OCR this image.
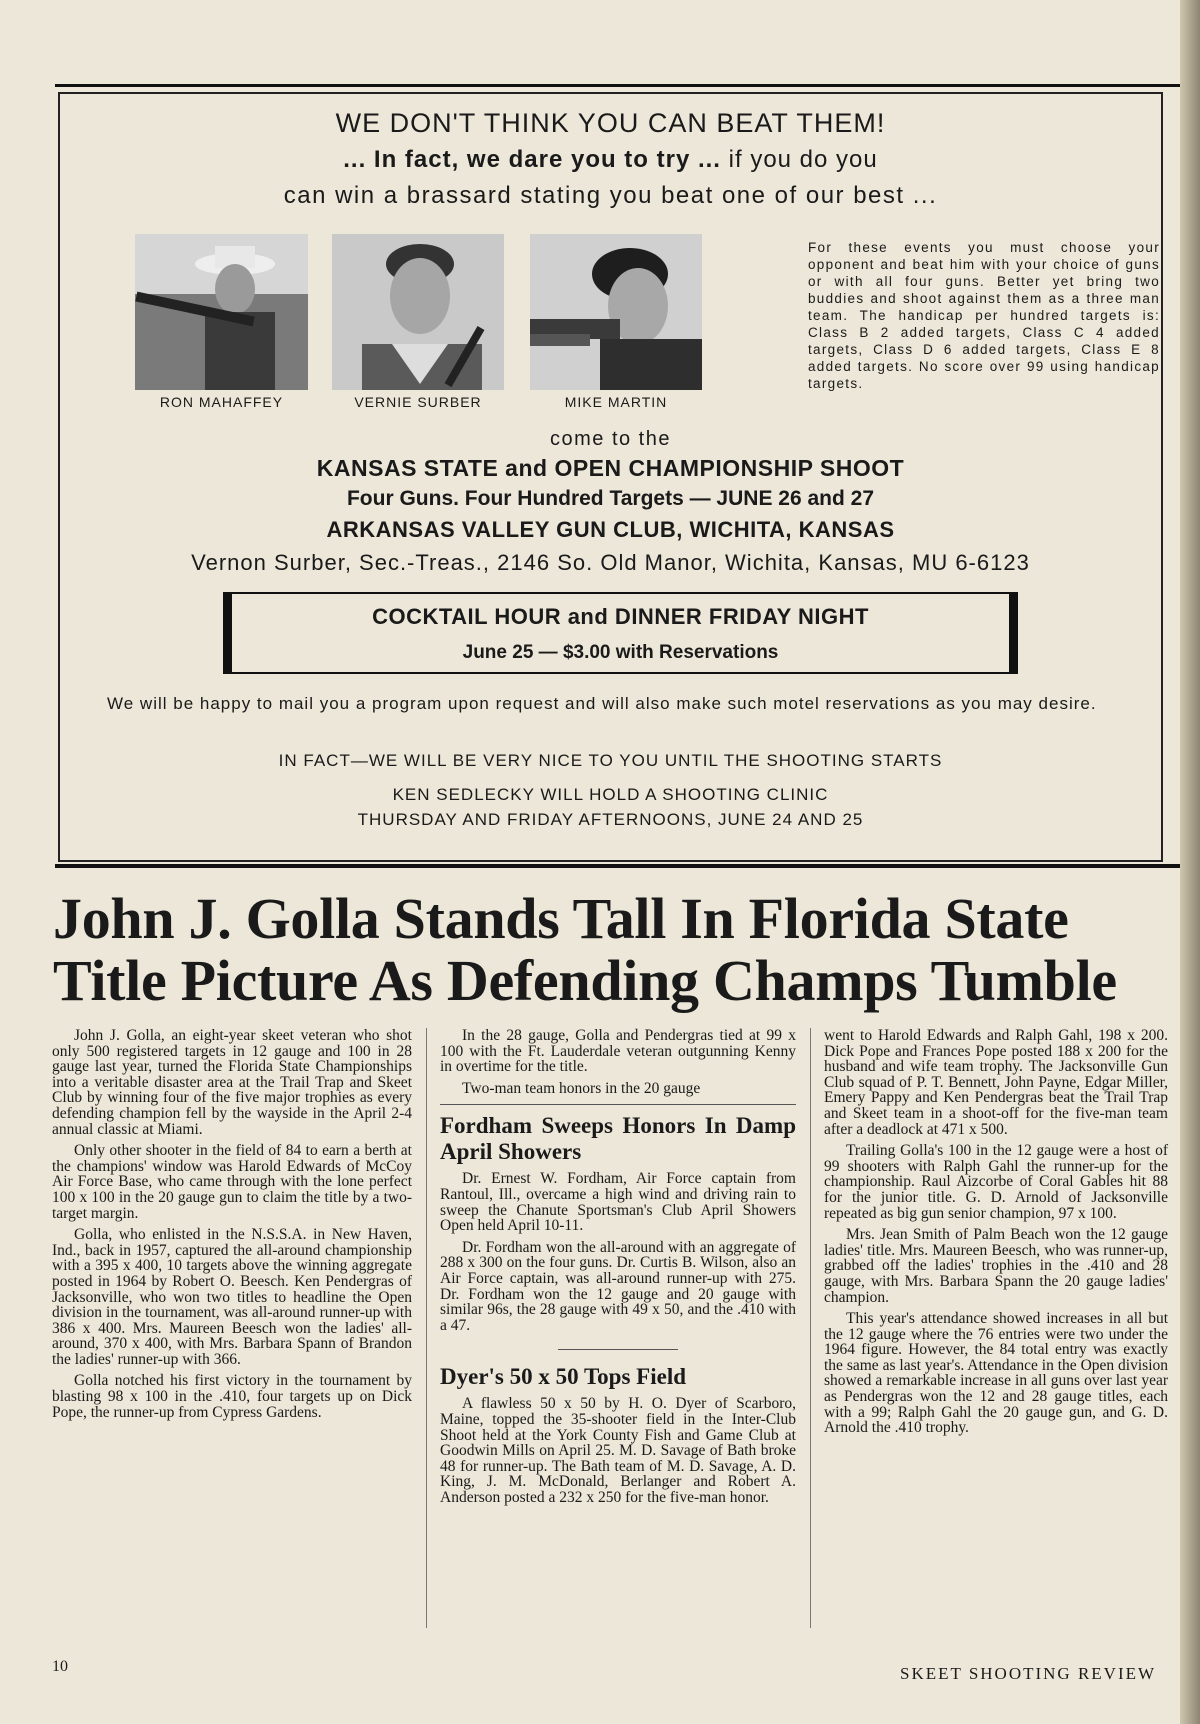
WE DON'T THINK YOU CAN BEAT THEM!
... In fact, we dare you to try ... if you do you
can win a brassard stating you beat one of our best ...
RON MAHAFFEY	VERNIE SURBER	MIKE MARTIN
For these events you must choose your opponent and beat him with your choice of guns or with all four guns. Better yet bring two buddies and shoot against them as a three man team. The handicap per hundred targets is: Class B 2 added targets, Class C 4 added targets, Class D 6 added targets, Class E 8 added targets. No score over 99 using handicap targets.
come to the
KANSAS STATE and OPEN CHAMPIONSHIP SHOOT
Four Guns. Four Hundred Targets — JUNE 26 and 27
ARKANSAS VALLEY GUN CLUB, WICHITA, KANSAS
Vernon Surber, Sec.-Treas., 2146 So. Old Manor, Wichita, Kansas, MU 6-6123
COCKTAIL HOUR and DINNER FRIDAY NIGHT
June 25 — $3.00 with Reservations
We will be happy to mail you a program upon request and will also make such motel reservations as you may desire.
IN FACT—WE WILL BE VERY NICE TO YOU UNTIL THE SHOOTING STARTS
KEN SEDLECKY WILL HOLD A SHOOTING CLINIC
THURSDAY AND FRIDAY AFTERNOONS, JUNE 24 AND 25
John J. Golla Stands Tall In Florida State
Title Picture As Defending Champs Tumble

John J. Golla, an eight-year skeet veteran who shot only 500 registered targets in 12 gauge and 100 in 28 gauge last year, turned the Florida State Championships into a veritable disaster area at the Trail Trap and Skeet Club by winning four of the five major trophies as every defending champion fell by the wayside in the April 2-4 annual classic at Miami.

Only other shooter in the field of 84 to earn a berth at the champions' window was Harold Edwards of McCoy Air Force Base, who came through with the lone perfect 100 x 100 in the 20 gauge gun to claim the title by a two-target margin.

Golla, who enlisted in the N.S.S.A. in New Haven, Ind., back in 1957, captured the all-around championship with a 395 x 400, 10 targets above the winning aggregate posted in 1964 by Robert O. Beesch. Ken Pendergras of Jacksonville, who won two titles to headline the Open division in the tournament, was all-around runner-up with 386 x 400. Mrs. Maureen Beesch won the ladies' all-around, 370 x 400, with Mrs. Barbara Spann of Brandon the ladies' runner-up with 366.

Golla notched his first victory in the tournament by blasting 98 x 100 in the .410, four targets up on Dick Pope, the runner-up from Cypress Gardens.

In the 28 gauge, Golla and Pendergras tied at 99 x 100 with the Ft. Lauderdale veteran outgunning Kenny in overtime for the title.

Two-man team honors in the 20 gauge

Fordham Sweeps Honors In Damp April Showers

Dr. Ernest W. Fordham, Air Force captain from Rantoul, Ill., overcame a high wind and driving rain to sweep the Chanute Sportsman's Club April Showers Open held April 10-11.

Dr. Fordham won the all-around with an aggregate of 288 x 300 on the four guns. Dr. Curtis B. Wilson, also an Air Force captain, was all-around runner-up with 275. Dr. Fordham won the 12 gauge and 20 gauge with similar 96s, the 28 gauge with 49 x 50, and the .410 with a 47.

Dyer's 50 x 50 Tops Field

A flawless 50 x 50 by H. O. Dyer of Scarboro, Maine, topped the 35-shooter field in the Inter-Club Shoot held at the York County Fish and Game Club at Goodwin Mills on April 25. M. D. Savage of Bath broke 48 for runner-up. The Bath team of M. D. Savage, A. D. King, J. M. McDonald, Berlanger and Robert A. Anderson posted a 232 x 250 for the five-man honor.

went to Harold Edwards and Ralph Gahl, 198 x 200. Dick Pope and Frances Pope posted 188 x 200 for the husband and wife team trophy. The Jacksonville Gun Club squad of P. T. Bennett, John Payne, Edgar Miller, Emery Pappy and Ken Pendergras beat the Trail Trap and Skeet team in a shoot-off for the five-man team after a deadlock at 471 x 500.

Trailing Golla's 100 in the 12 gauge were a host of 99 shooters with Ralph Gahl the runner-up for the championship. Raul Aizcorbe of Coral Gables hit 88 for the junior title. G. D. Arnold of Jacksonville repeated as big gun senior champion, 97 x 100.

Mrs. Jean Smith of Palm Beach won the 12 gauge ladies' title. Mrs. Maureen Beesch, who was runner-up, grabbed off the ladies' trophies in the .410 and 28 gauge, with Mrs. Barbara Spann the 20 gauge ladies' champion.

This year's attendance showed increases in all but the 12 gauge where the 76 entries were two under the 1964 figure. However, the 84 total entry was exactly the same as last year's. Attendance in the Open division showed a remarkable increase in all guns over last year as Pendergras won the 12 and 28 gauge titles, each with a 99; Ralph Gahl the 20 gauge gun, and G. D. Arnold the .410 trophy.

10	SKEET SHOOTING REVIEW
